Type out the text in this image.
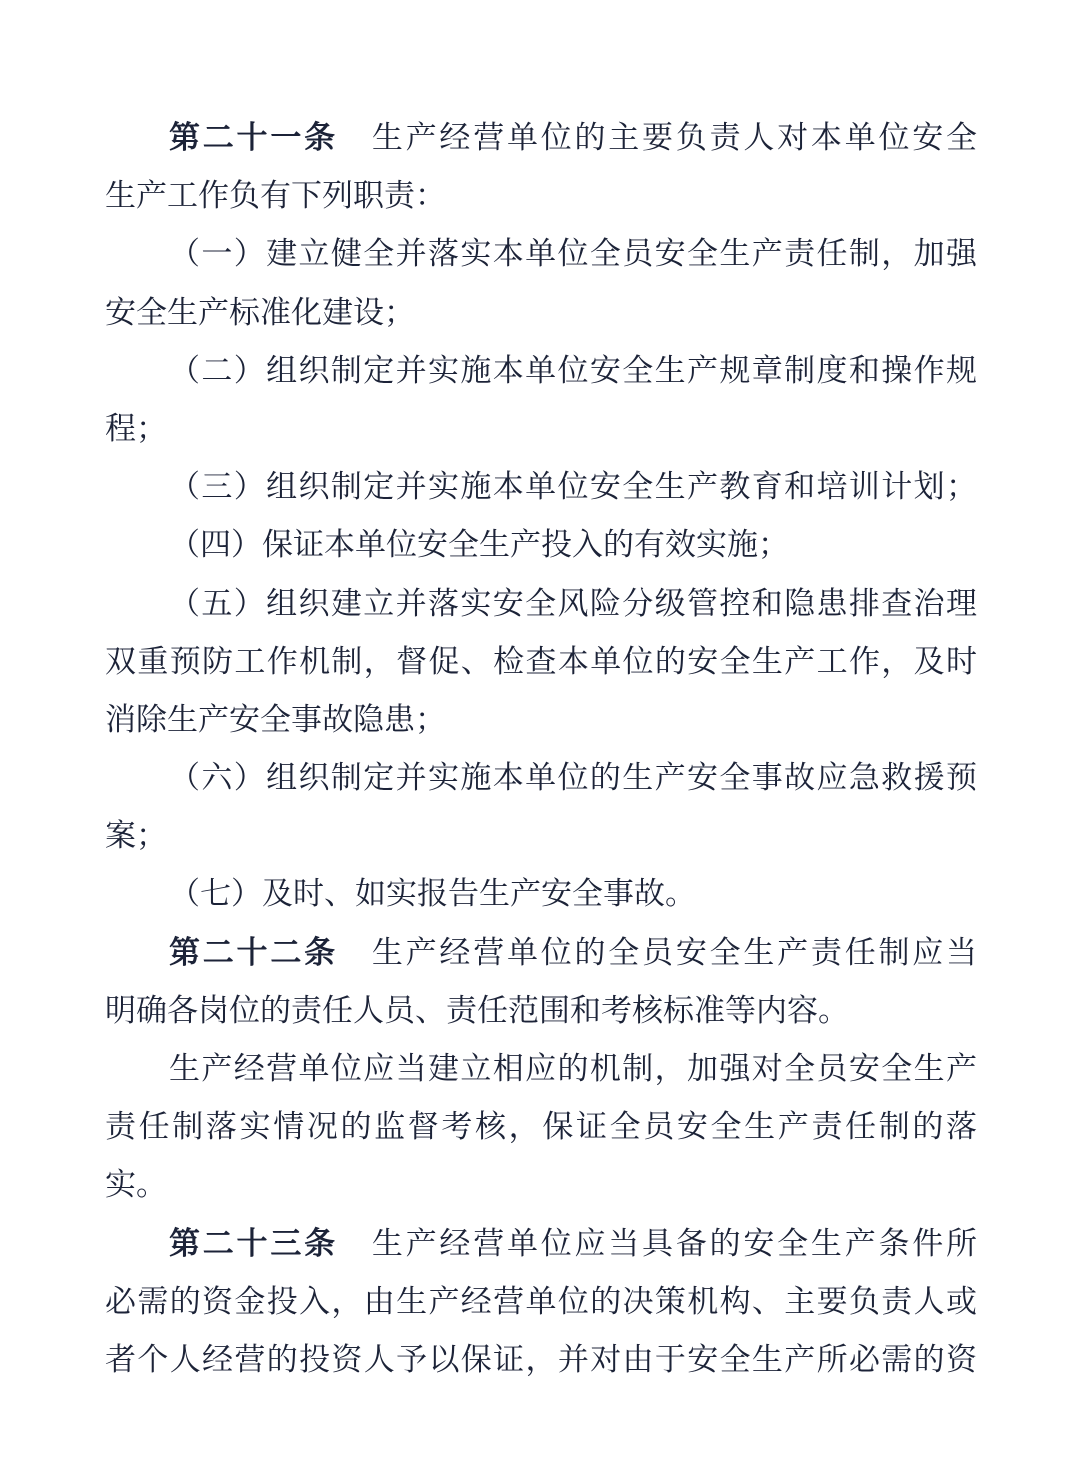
第二十一条 生产经营单位的主要负责人对本单位安全
生产工作负有下列职责：
（一）建立健全并落实本单位全员安全生产责任制，加强
安全生产标准化建设；
（二）组织制定并实施本单位安全生产规章制度和操作规
程；
（三）组织制定并实施本单位安全生产教育和培训计划；
（四）保证本单位安全生产投入的有效实施；
（五）组织建立并落实安全风险分级管控和隐患排查治理
双重预防工作机制，督促、检查本单位的安全生产工作，及时
消除生产安全事故隐患；
（六）组织制定并实施本单位的生产安全事故应急救援预
案；
（七）及时、如实报告生产安全事故。
第二十二条 生产经营单位的全员安全生产责任制应当
明确各岗位的责任人员、责任范围和考核标准等内容。
生产经营单位应当建立相应的机制，加强对全员安全生产
责任制落实情况的监督考核，保证全员安全生产责任制的落
实。
第二十三条 生产经营单位应当具备的安全生产条件所
必需的资金投入，由生产经营单位的决策机构、主要负责人或
者个人经营的投资人予以保证，并对由于安全生产所必需的资
